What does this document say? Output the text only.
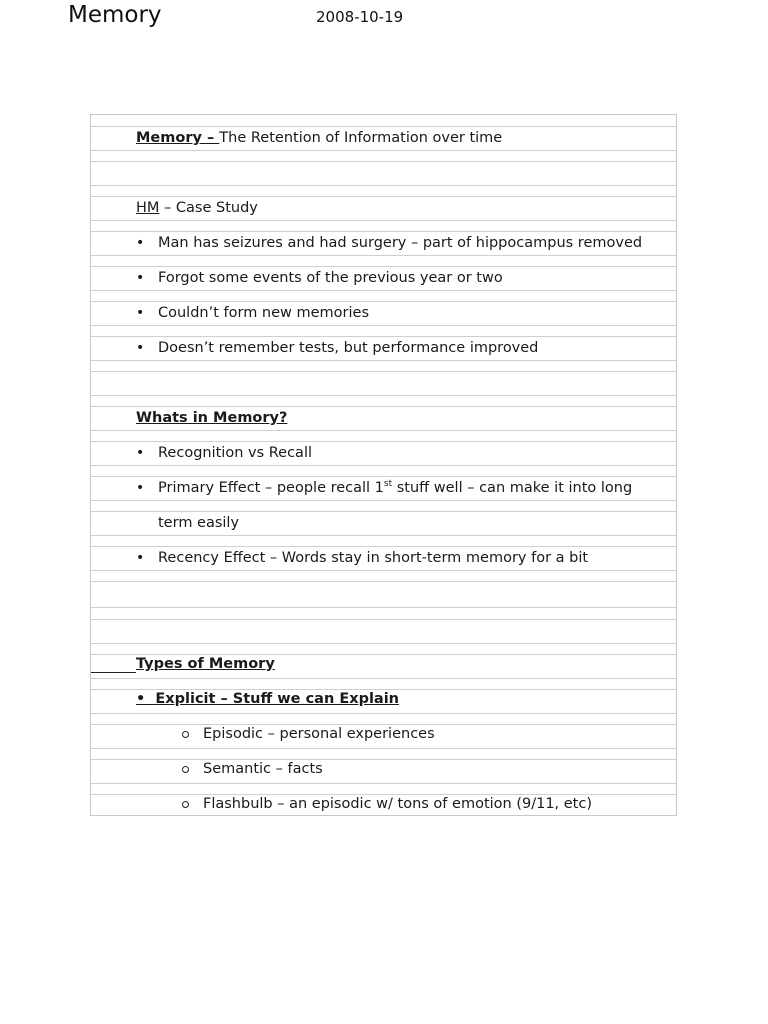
Memory	2008-10-19
Memory – The Retention of Information over time
HM – Case Study
• Man has seizures and had surgery – part of hippocampus removed
• Forgot some events of the previous year or two
• Couldn’t form new memories
• Doesn’t remember tests, but performance improved
Whats in Memory?
• Recognition vs Recall
• Primary Effect – people recall 1st stuff well – can make it into long
term easily
• Recency Effect – Words stay in short-term memory for a bit
Types of Memory
•  Explicit – Stuff we can Explain
Episodic – personal experiences
Semantic – facts
Flashbulb – an episodic w/ tons of emotion (9/11, etc)
